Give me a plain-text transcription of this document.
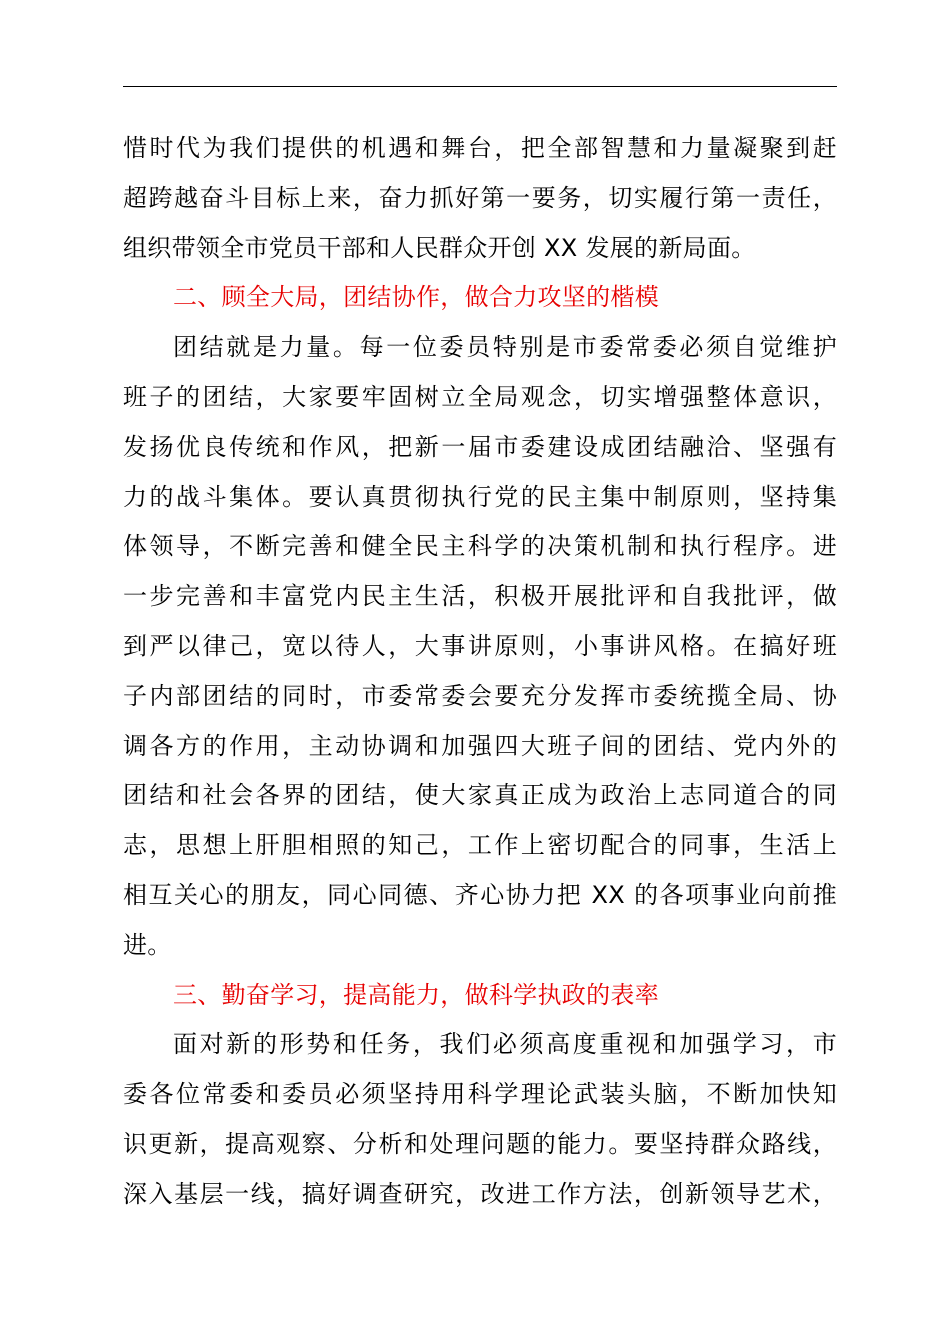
惜时代为我们提供的机遇和舞台，把全部智慧和力量凝聚到赶
超跨越奋斗目标上来，奋力抓好第一要务，切实履行第一责任，
组织带领全市党员干部和人民群众开创 XX 发展的新局面。
二、顾全大局，团结协作，做合力攻坚的楷模
团结就是力量。每一位委员特别是市委常委必须自觉维护
班子的团结，大家要牢固树立全局观念，切实增强整体意识，
发扬优良传统和作风，把新一届市委建设成团结融洽、坚强有
力的战斗集体。要认真贯彻执行党的民主集中制原则，坚持集
体领导，不断完善和健全民主科学的决策机制和执行程序。进
一步完善和丰富党内民主生活，积极开展批评和自我批评，做
到严以律己，宽以待人，大事讲原则，小事讲风格。在搞好班
子内部团结的同时，市委常委会要充分发挥市委统揽全局、协
调各方的作用，主动协调和加强四大班子间的团结、党内外的
团结和社会各界的团结，使大家真正成为政治上志同道合的同
志，思想上肝胆相照的知己，工作上密切配合的同事，生活上
相互关心的朋友，同心同德、齐心协力把 XX 的各项事业向前推
进。
三、勤奋学习，提高能力，做科学执政的表率
面对新的形势和任务，我们必须高度重视和加强学习，市
委各位常委和委员必须坚持用科学理论武装头脑，不断加快知
识更新，提高观察、分析和处理问题的能力。要坚持群众路线，
深入基层一线，搞好调查研究，改进工作方法，创新领导艺术，
